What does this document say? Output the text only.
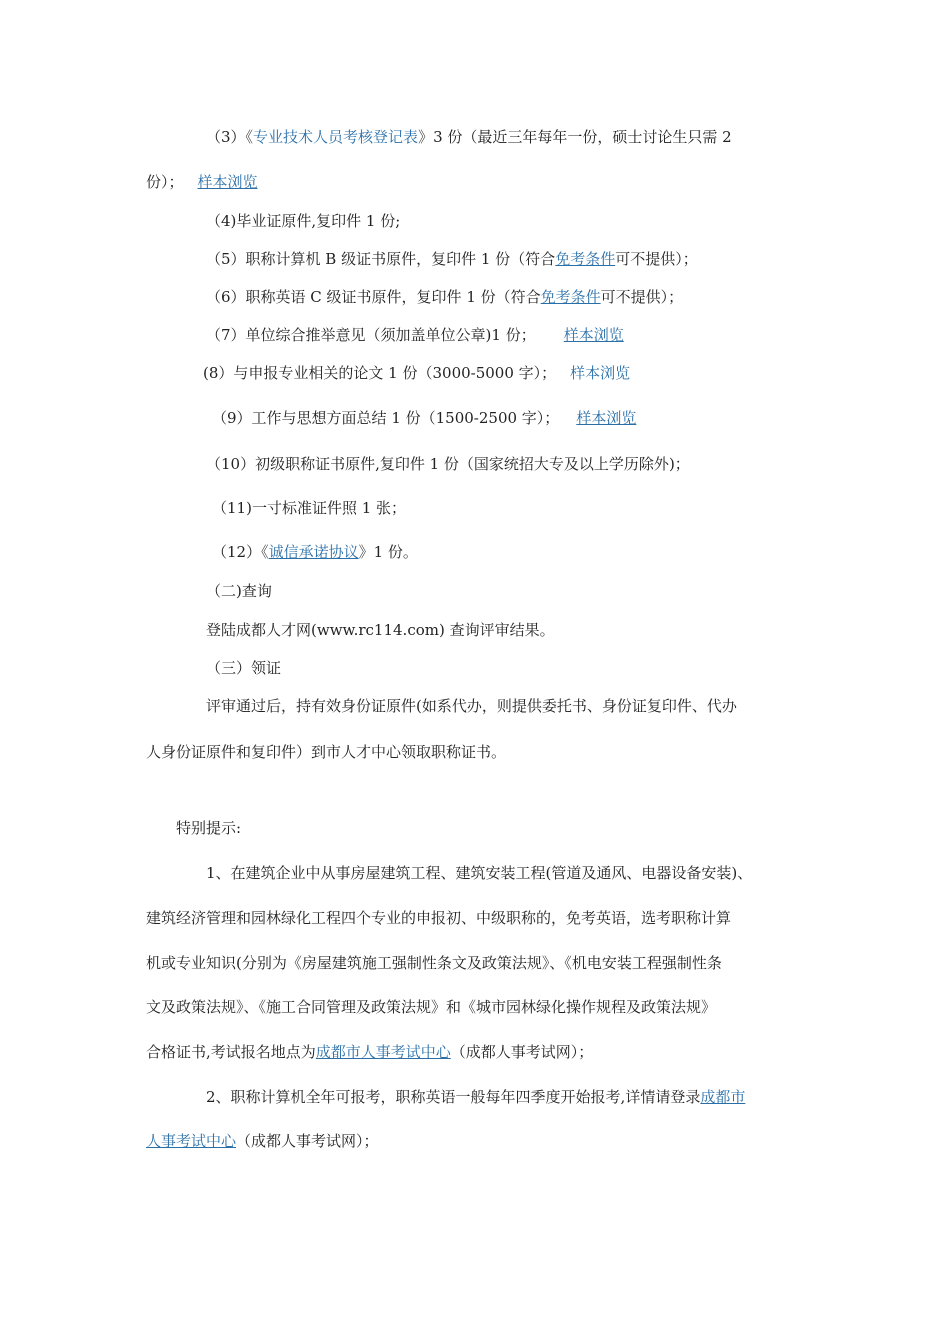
（3）《专业技术人员考核登记表》3 份（最近三年每年一份，硕士讨论生只需 2
份）； 样本浏览
（4)毕业证原件,复印件 1 份;
（5）职称计算机 B 级证书原件，复印件 1 份（符合免考条件可不提供）；
（6）职称英语 C 级证书原件，复印件 1 份（符合免考条件可不提供）；
（7）单位综合推举意见（须加盖单位公章)1 份； 样本浏览
(8）与申报专业相关的论文 1 份（3000-5000 字）； 样本浏览
（9）工作与思想方面总结 1 份（1500-2500 字）； 样本浏览
（10）初级职称证书原件,复印件 1 份（国家统招大专及以上学历除外)；
（11)一寸标准证件照 1 张；
（12）《诚信承诺协议》1 份。
（二)查询
登陆成都人才网(www.rc114.com) 查询评审结果。
（三）领证
评审通过后，持有效身份证原件(如系代办，则提供委托书、身份证复印件、代办
人身份证原件和复印件）到市人才中心领取职称证书。
特别提示:
1、在建筑企业中从事房屋建筑工程、建筑安装工程(管道及通风、电器设备安装)、
建筑经济管理和园林绿化工程四个专业的申报初、中级职称的，免考英语，选考职称计算
机或专业知识(分别为《房屋建筑施工强制性条文及政策法规》、《机电安装工程强制性条
文及政策法规》、《施工合同管理及政策法规》和《城市园林绿化操作规程及政策法规》
合格证书,考试报名地点为成都市人事考试中心（成都人事考试网）；
2、职称计算机全年可报考，职称英语一般每年四季度开始报考,详情请登录成都市
人事考试中心（成都人事考试网）；
